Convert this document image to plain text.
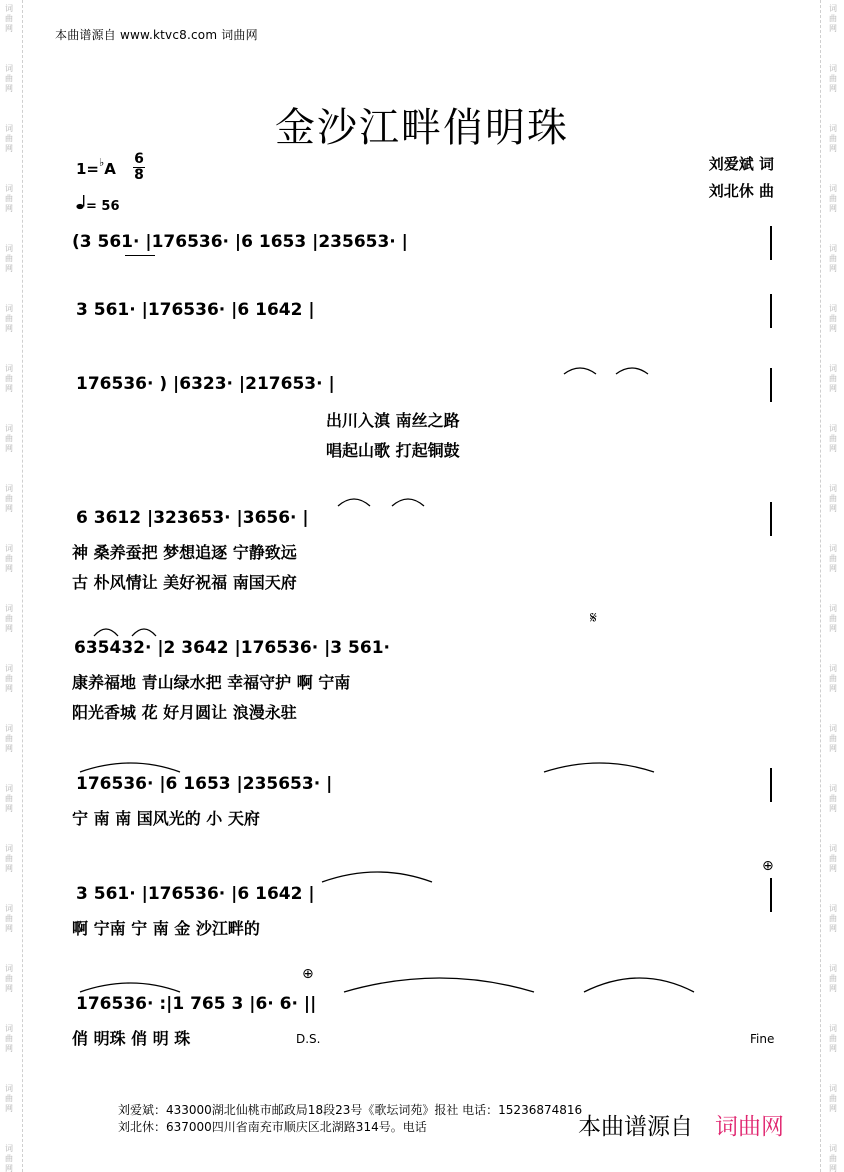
词
曲
网
词
曲
网
词
曲
网
词
曲
网
词
曲
网
词
曲
网
词
曲
网
词
曲
网
词
曲
网
词
曲
网
词
曲
网
词
曲
网
词
曲
网
词
曲
网
词
曲
网
词
曲
网
词
曲
网
词
曲
网
词
曲
网
词
曲
网
词
曲
网
词
曲
网
词
曲
网
词
曲
网
词
曲
网
词
曲
网
词
曲
网
词
曲
网
词
曲
网
词
曲
网
词
曲
网
词
曲
网
词
曲
网
词
曲
网
词
曲
网
词
曲
网
词
曲
网
词
曲
网
词
曲
网
词
曲
网
本曲谱源自 www.ktvc8.com 词曲网
金沙江畔俏明珠
1=♭A
6
8
= 56
刘爱斌 词
刘北休 曲
(3 561· |176536· |6 1653 |235653· |
3 561· |176536· |6 1642 |
176536· ) |6323· |217653· |
出川入滇 南丝之路
唱起山歌 打起铜鼓
6 3612 |323653· |3656· |
神 桑养蚕把 梦想追逐 宁静致远
古 朴风情让 美好祝福 南国天府
635432· |2 3642 |176536· |3 561·
康养福地 青山绿水把 幸福守护 啊 宁南
阳光香城 花 好月圆让 浪漫永驻
𝄋
176536· |6 1653 |235653· |
宁 南 南 国风光的 小 天府
3 561· |176536· |6 1642 |
啊 宁南 宁 南 金 沙江畔的
⊕
176536· :|1 765 3 |6· 6· ||
俏 明珠 俏 明 珠	D.S.	Fine
⊕
刘爱斌：433000湖北仙桃市邮政局18段23号《歌坛词苑》报社 电话：15236874816
刘北休：637000四川省南充市顺庆区北湖路314号。电话	本曲谱源自 词曲网
